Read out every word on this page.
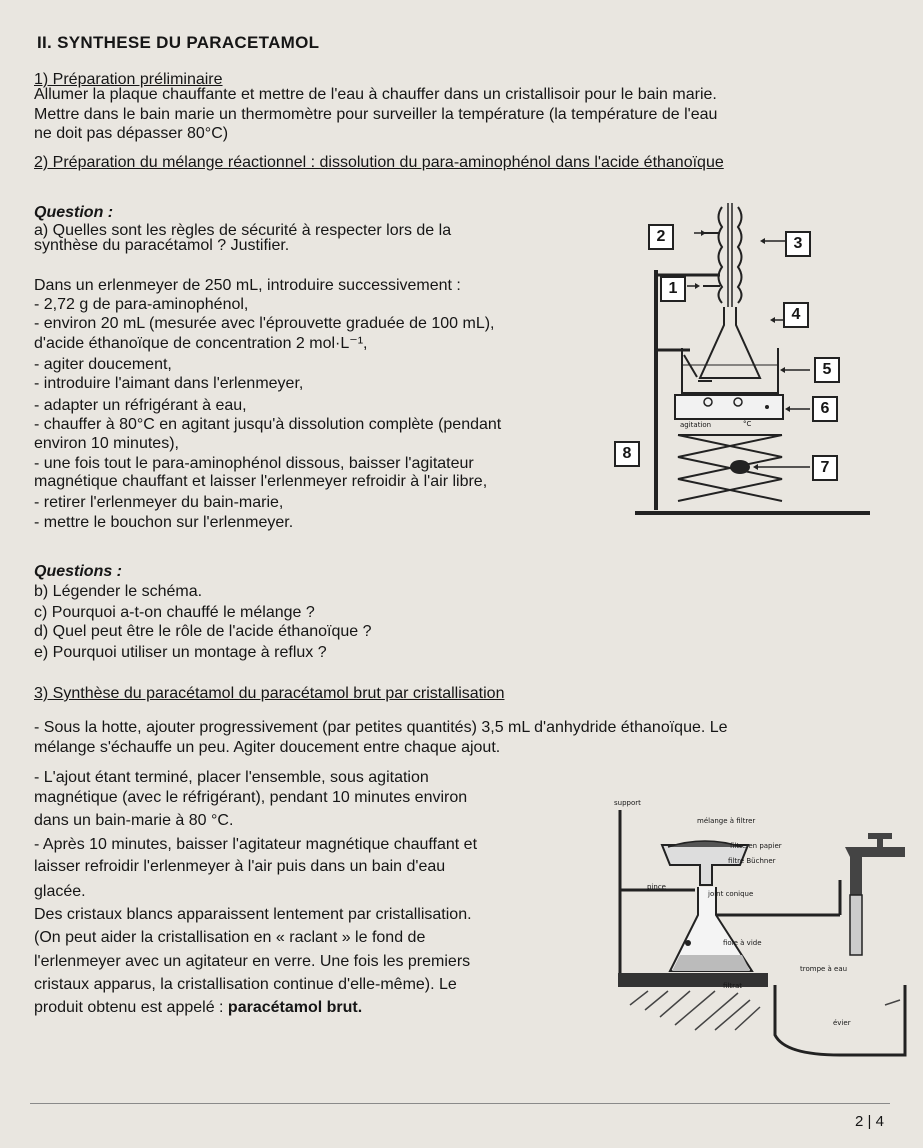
II. SYNTHESE DU PARACETAMOL
1) Préparation préliminaire
Allumer la plaque chauffante et mettre de l'eau à chauffer dans un cristallisoir pour le bain marie.
Mettre dans le bain marie un thermomètre pour surveiller la température (la température de l'eau
ne doit pas dépasser 80°C)
2) Préparation du mélange réactionnel : dissolution du para-aminophénol dans l'acide éthanoïque
Question :
a) Quelles sont les règles de sécurité à respecter lors de la
synthèse du paracétamol ? Justifier.
Dans un erlenmeyer de 250 mL, introduire successivement :
- 2,72 g de para-aminophénol,
- environ 20 mL (mesurée avec l'éprouvette graduée de 100 mL),
d'acide éthanoïque de concentration 2 mol·L⁻¹,
- agiter doucement,
- introduire l'aimant dans l'erlenmeyer,
- adapter un réfrigérant à eau,
- chauffer à 80°C en agitant jusqu'à dissolution complète (pendant
environ 10 minutes),
- une fois tout le para-aminophénol dissous, baisser l'agitateur
magnétique chauffant et laisser l'erlenmeyer refroidir à l'air libre,
- retirer l'erlenmeyer du bain-marie,
- mettre le bouchon sur l'erlenmeyer.
Questions :
b) Légender le schéma.
c) Pourquoi a-t-on chauffé le mélange ?
d) Quel peut être le rôle de l'acide éthanoïque ?
e) Pourquoi utiliser un montage à reflux ?
2	3
1
4
5
6
8
7
agitation	°C
3) Synthèse du paracétamol du paracétamol brut par cristallisation
- Sous la hotte, ajouter progressivement (par petites quantités) 3,5 mL d'anhydride éthanoïque. Le
mélange s'échauffe un peu. Agiter doucement entre chaque ajout.
- L'ajout étant terminé, placer l'ensemble, sous agitation
magnétique (avec le réfrigérant), pendant 10 minutes environ
dans un bain-marie à 80 °C.
- Après 10 minutes, baisser l'agitateur magnétique chauffant et
laisser refroidir l'erlenmeyer à l'air puis dans un bain d'eau
glacée.
Des cristaux blancs apparaissent lentement par cristallisation.
(On peut aider la cristallisation en « raclant » le fond de
l'erlenmeyer avec un agitateur en verre. Une fois les premiers
cristaux apparus, la cristallisation continue d'elle-même). Le
produit obtenu est appelé : paracétamol brut.
support
mélange à filtrer
filtre en papier
filtre Büchner
pince
joint conique
fiole à vide
trompe à eau
filtrat
évier
2 | 4
